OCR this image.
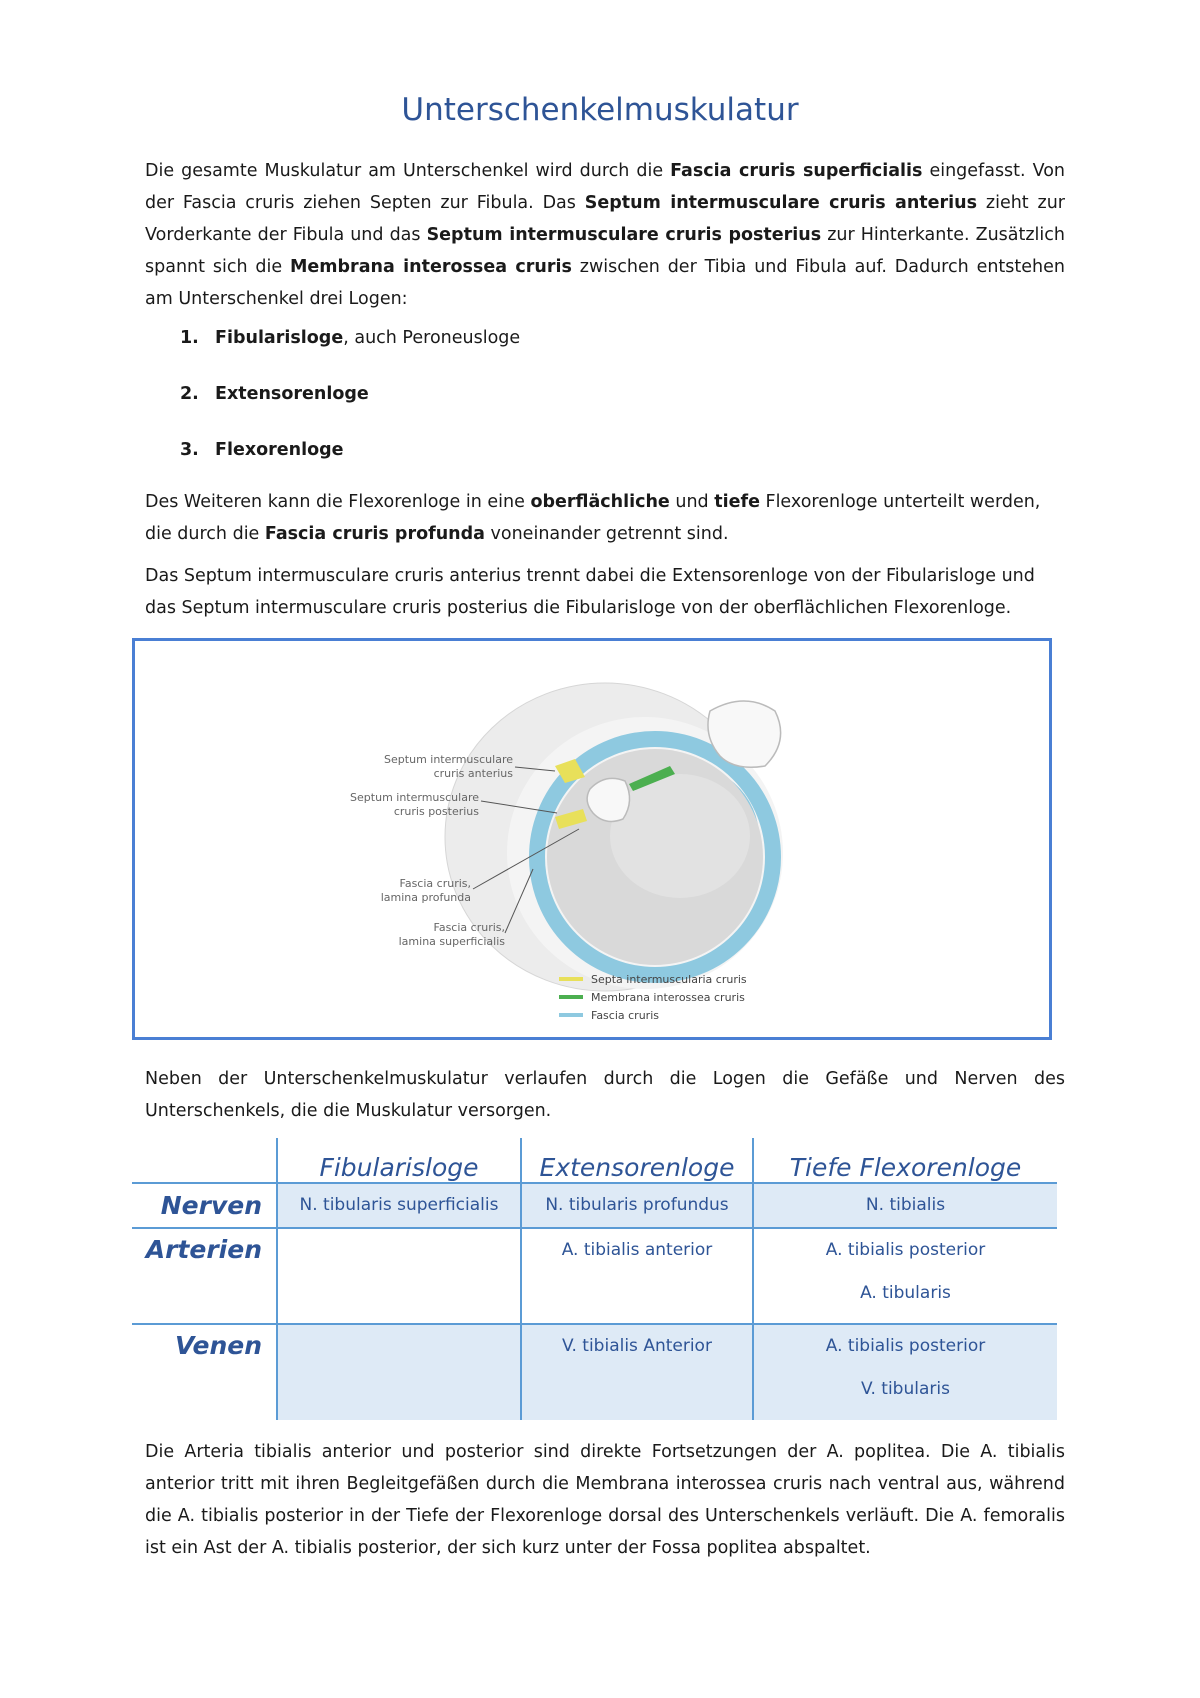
Unterschenkelmuskulatur

Die gesamte Muskulatur am Unterschenkel wird durch die Fascia cruris superficialis eingefasst. Von der Fascia cruris ziehen Septen zur Fibula. Das Septum intermusculare cruris anterius zieht zur Vorderkante der Fibula und das Septum intermusculare cruris posterius zur Hinterkante. Zusätzlich spannt sich die Membrana interossea cruris zwischen der Tibia und Fibula auf. Dadurch entstehen am Unterschenkel drei Logen:

1. Fibularisloge, auch Peroneusloge
2. Extensorenloge
3. Flexorenloge

Des Weiteren kann die Flexorenloge in eine oberflächliche und tiefe Flexorenloge unterteilt werden, die durch die Fascia cruris profunda voneinander getrennt sind.

Das Septum intermusculare cruris anterius trennt dabei die Extensorenloge von der Fibularisloge und das Septum intermusculare cruris posterius die Fibularisloge von der oberflächlichen Flexorenloge.

Septum intermusculare
cruris anterius
Septum intermusculare
cruris posterius
Fascia cruris,
lamina profunda
Fascia cruris,
lamina superficialis
Septa intermuscularia cruris
Membrana interossea cruris
Fascia cruris

Neben der Unterschenkelmuskulatur verlaufen durch die Logen die Gefäße und Nerven des Unterschenkels, die die Muskulatur versorgen.

	Fibularisloge	Extensorenloge	Tiefe Flexorenloge
Nerven	N. tibularis superficialis	N. tibularis profundus	N. tibialis

Arterien		A. tibialis anterior	A. tibialis posterior
A. tibularis

Venen		V. tibialis Anterior	A. tibialis posterior
V. tibularis

Die Arteria tibialis anterior und posterior sind direkte Fortsetzungen der A. poplitea. Die A. tibialis anterior tritt mit ihren Begleitgefäßen durch die Membrana interossea cruris nach ventral aus, während die A. tibialis posterior in der Tiefe der Flexorenloge dorsal des Unterschenkels verläuft. Die A. femoralis ist ein Ast der A. tibialis posterior, der sich kurz unter der Fossa poplitea abspaltet.
